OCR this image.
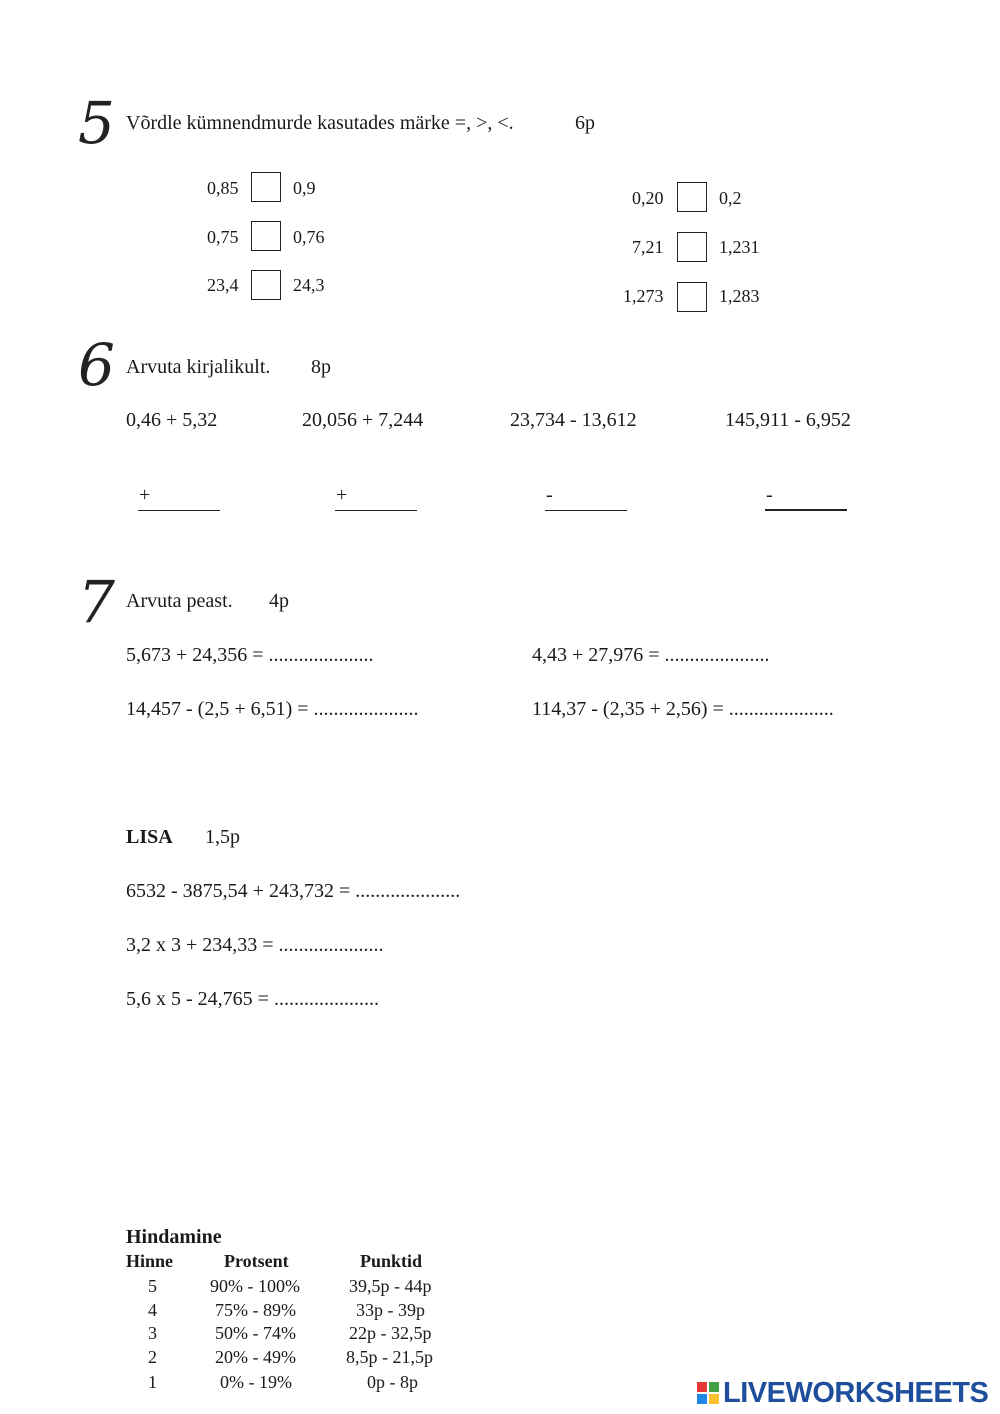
5 Võrdle kümnendmurde kasutades märke =, >, <.	6p
0,85	0,9
0,75	0,76
23,4	24,3
0,20	0,2
7,21	1,231
1,273	1,283
6 Arvuta kirjalikult. 8p
0,46 + 5,32	20,056 + 7,244	23,734 - 13,612	145,911 - 6,952
+	+	-	-
7 Arvuta peast. 4p
5,673 + 24,356 = .....................	4,43 + 27,976 = .....................
14,457 - (2,5 + 6,51) = .....................	114,37 - (2,35 + 2,56) = .....................
LISA 1,5p
6532 - 3875,54 + 243,732 = .....................
3,2 x 3 + 234,33 = .....................
5,6 x 5 - 24,765 = .....................
Hindamine
Hinne	Protsent	Punktid
5	90% - 100%	39,5p - 44p
4	75% - 89%	33p - 39p
3	50% - 74%	22p - 32,5p
2	20% - 49%	8,5p - 21,5p
1	0% - 19%	0p - 8p	LIVEWORKSHEETS
